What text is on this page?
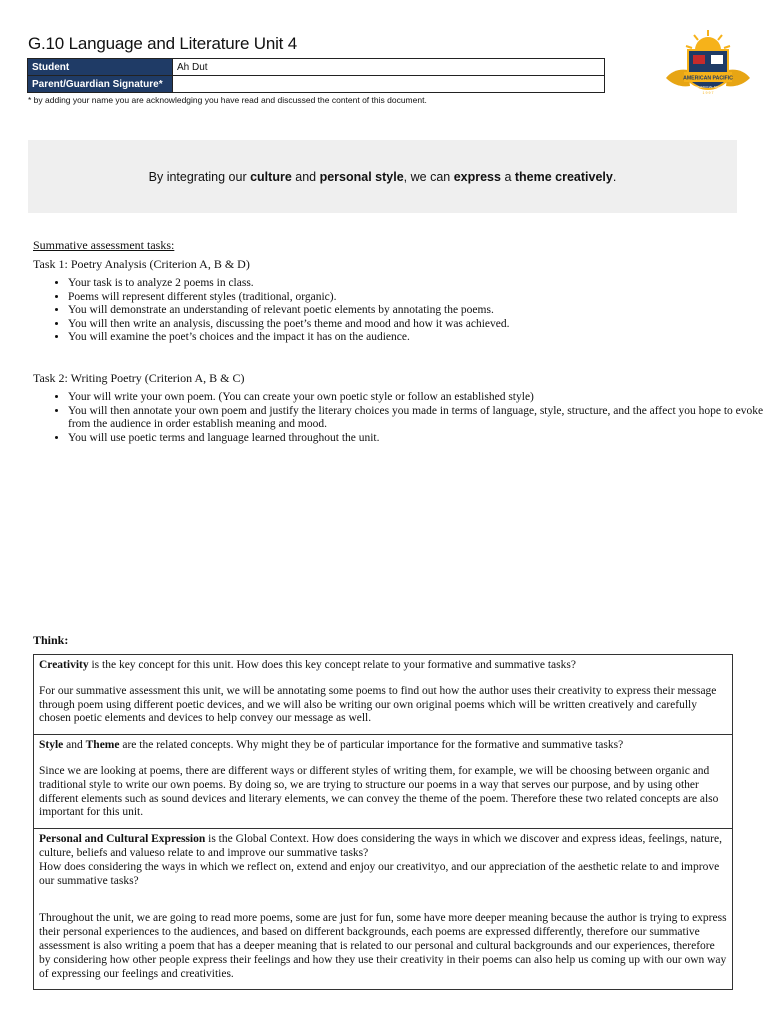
G.10 Language and Literature Unit 4
Student	Ah Dut
Parent/Guardian Signature*	
* by adding your name you are acknowledging you have read and discussed the content of this document.
AMERICAN PACIFIC
INTERNATIONAL SCHOOL
1 9 9 7
By integrating our culture and personal style, we can express a theme creatively.
Summative assessment tasks:
Task 1: Poetry Analysis (Criterion A, B & D)
• Your task is to analyze 2 poems in class.
• Poems will represent different styles (traditional, organic).
• You will demonstrate an understanding of relevant poetic elements by annotating the poems.
• You will then write an analysis, discussing the poet’s theme and mood and how it was achieved.
• You will examine the poet’s choices and the impact it has on the audience.
Task 2: Writing Poetry (Criterion A, B & C)
• Your will write your own poem. (You can create your own poetic style or follow an established style)
• You will then annotate your own poem and justify the literary choices you made in terms of language, style, structure, and the affect you hope to evoke from the audience in order establish meaning and mood.
• You will use poetic terms and language learned throughout the unit.
Think:

Creativity is the key concept for this unit. How does this key concept relate to your formative and summative tasks?

For our summative assessment this unit, we will be annotating some poems to find out how the author uses their creativity to express their message through poem using different poetic devices, and we will also be writing our own original poems which will be written creatively and carefully chosen poetic elements and devices to help convey our message as well.

Style and Theme are the related concepts. Why might they be of particular importance for the formative and summative tasks?

Since we are looking at poems, there are different ways or different styles of writing them, for example, we will be choosing between organic and traditional style to write our own poems. By doing so, we are trying to structure our poems in a way that serves our purpose, and by using other different elements such as sound devices and literary elements, we can convey the theme of the poem. Therefore these two related concepts are also important for this unit.

Personal and Cultural Expression is the Global Context. How does considering the ways in which we discover and express ideas, feelings, nature, culture, beliefs and valueso relate to and improve our summative tasks?

How does considering the ways in which we reflect on, extend and enjoy our creativityo, and our appreciation of the aesthetic relate to and improve our summative tasks?

Throughout the unit, we are going to read more poems, some are just for fun, some have more deeper meaning because the author is trying to express their personal experiences to the audiences, and based on different backgrounds, each poems are expressed differently, therefore our summative assessment is also writing a poem that has a deeper meaning that is related to our personal and cultural backgrounds and our experiences, therefore by considering how other people express their feelings and how they use their creativity in their poems can also help us coming up with our own way of expressing our feelings and creativities.
